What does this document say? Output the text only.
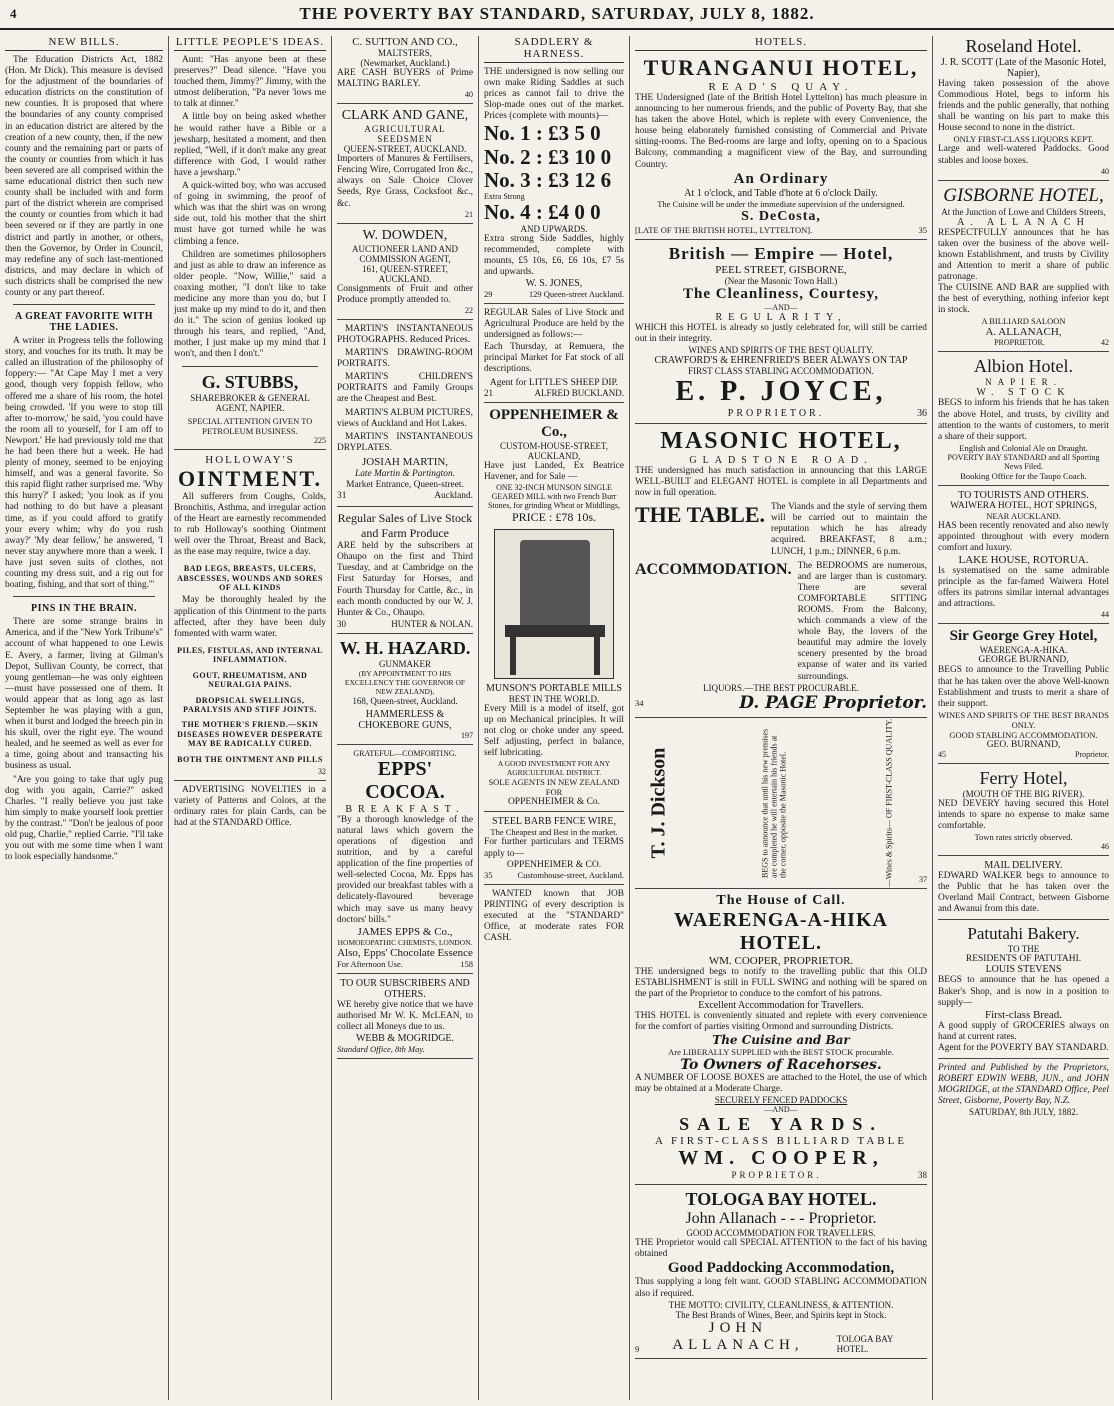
4	THE POVERTY BAY STANDARD, SATURDAY, JULY 8, 1882.
NEW BILLS.

The Education Districts Act, 1882 (Hon. Mr Dick). This measure is devised for the adjustment of the boundaries of education districts on the constitution of new counties. It is proposed that where the boundaries of any county comprised in an education district are altered by the creation of a new county, then, if the new county and the remaining part or parts of the county or counties from which it has been severed are all comprised within the same educational district then such new county shall be included with and form part of the district wherein are comprised the county or counties from which it had been severed or if they are partly in one district and partly in another, or others, then the Governor, by Order in Council, may redefine any of such last-mentioned districts, and may declare in which of such districts shall be comprised the new county or any part thereof.

A GREAT FAVORITE WITH THE LADIES.

A writer in Progress tells the following story, and vouches for its truth. It may be called an illustration of the philosophy of foppery:— "At Cape May I met a very good, though very foppish fellow, who offered me a share of his room, the hotel being crowded. 'If you were to stop till after to-morrow,' he said, 'you could have the room all to yourself, for I am off to Newport.' He had previously told me that he had been there but a week. He had plenty of money, seemed to be enjoying himself, and was a general favorite. So this rapid flight rather surprised me. 'Why this hurry?' I asked; 'you look as if you had nothing to do but have a pleasant time, as if you could afford to gratify your every whim; why do you rush away?' 'My dear fellow,' he answered, 'I never stay anywhere more than a week. I have just seven suits of clothes, not counting my dress suit, and a rig out for boating, fishing, and that sort of thing.'"

PINS IN THE BRAIN.

There are some strange brains in America, and if the "New York Tribune's" account of what happened to one Lewis E. Avery, a farmer, living at Gilman's Depot, Sullivan County, be correct, that young gentleman—he was only eighteen—must have possessed one of them. It would appear that as long ago as last September he was playing with a gun, when it burst and lodged the breech pin in his skull, over the right eye. The wound healed, and he seemed as well as ever for a time, going about and transacting his business as usual.

"Are you going to take that ugly pug dog with you again, Carrie?" asked Charles. "I really believe you just take him simply to make yourself look prettier by the contrast." "Don't be jealous of poor old pug, Charlie," replied Carrie. "I'll take you out with me some time when I want to look especially handsome."

LITTLE PEOPLE'S IDEAS.

Aunt: "Has anyone been at these preserves?" Dead silence. "Have you touched them, Jimmy?" Jimmy, with the utmost deliberation, "Pa never 'lows me to talk at dinner."

A little boy on being asked whether he would rather have a Bible or a jewsharp, hesitated a moment, and then replied, "Well, if it don't make any great difference with God, I would rather have a jewsharp."

A quick-witted boy, who was accused of going in swimming, the proof of which was that the shirt was on wrong side out, told his mother that the shirt must have got turned while he was climbing a fence.

Children are sometimes philosophers and just as able to draw an inference as older people. "Now, Willie," said a coaxing mother, "I don't like to take medicine any more than you do, but I just make up my mind to do it, and then do it." The scion of genius looked up through his tears, and replied, "And, mother, I just make up my mind that I won't, and then I don't."

G. STUBBS,
SHAREBROKER & GENERAL AGENT, NAPIER.
SPECIAL ATTENTION GIVEN TO PETROLEUM BUSINESS.
225
HOLLOWAY'S
OINTMENT.

All sufferers from Coughs, Colds, Bronchitis, Asthma, and irregular action of the Heart are earnestly recommended to rub Holloway's soothing Ointment well over the Throat, Breast and Back, as the ease may require, twice a day.

BAD LEGS, BREASTS, ULCERS, ABSCESSES, WOUNDS AND SORES OF ALL KINDS

May be thoroughly healed by the application of this Ointment to the parts affected, after they have been duly fomented with warm water.

PILES, FISTULAS, AND INTERNAL INFLAMMATION.
GOUT, RHEUMATISM, AND NEURALGIA PAINS.
DROPSICAL SWELLINGS, PARALYSIS AND STIFF JOINTS.
THE MOTHER'S FRIEND.—SKIN DISEASES HOWEVER DESPERATE MAY BE RADICALLY CURED.
BOTH THE OINTMENT AND PILLS
32

ADVERTISING NOVELTIES in a variety of Patterns and Colors, at the ordinary rates for plain Cards, can be had at the STANDARD Office.

C. SUTTON AND CO.,
MALTSTERS,
(Newmarket, Auckland.)
ARE CASH BUYERS of Prime MALTING BARLEY.
40
CLARK AND GANE,
AGRICULTURAL SEEDSMEN
QUEEN-STREET, AUCKLAND.
Importers of Manures & Fertilisers, Fencing Wire, Corrugated Iron &c., always on Sale Choice Clover Seeds, Rye Grass, Cocksfoot &c., &c.
21
W. DOWDEN,
AUCTIONEER LAND AND COMMISSION AGENT,
161, QUEEN-STREET, AUCKLAND.
Consignments of Fruit and other Produce promptly attended to.
22

MARTIN'S INSTANTANEOUS PHOTOGRAPHS. Reduced Prices.

MARTIN'S DRAWING-ROOM PORTRAITS.

MARTIN'S CHILDREN'S PORTRAITS and Family Groups are the Cheapest and Best.

MARTIN'S ALBUM PICTURES, views of Auckland and Hot Lakes.

MARTIN'S INSTANTANEOUS DRYPLATES.

JOSIAH MARTIN,
Late Martin & Partington.
Market Entrance, Queen-street.
31	Auckland.
Regular Sales of Live Stock and Farm Produce
ARE held by the subscribers at Ohaupo on the first and Third Tuesday, and at Cambridge on the First Saturday for Horses, and Fourth Thursday for Cattle, &c., in each month conducted by our W. J. Hunter & Co., Ohaupo.
30	HUNTER & NOLAN.
W. H. HAZARD.
GUNMAKER
(BY APPOINTMENT TO HIS EXCELLENCY THE GOVERNOR OF NEW ZEALAND),
168, Queen-street, Auckland.
HAMMERLESS & CHOKEBORE GUNS,
197
GRATEFUL—COMFORTING.
EPPS' COCOA.
BREAKFAST.
"By a thorough knowledge of the natural laws which govern the operations of digestion and nutrition, and by a careful application of the fine properties of well-selected Cocoa, Mr. Epps has provided our breakfast tables with a delicately-flavoured beverage which may save us many heavy doctors' bills."
JAMES EPPS & Co.,
HOMOEOPATHIC CHEMISTS, LONDON.
Also, Epps' Chocolate Essence
For Afternoon Use.	158
TO OUR SUBSCRIBERS AND OTHERS.
WE hereby give notice that we have authorised Mr W. K. McLEAN, to collect all Moneys due to us.
WEBB & MOGRIDGE.
Standard Office, 8th May.
SADDLERY & HARNESS.
THE undersigned is now selling our own make Riding Saddles at such prices as cannot fail to drive the Slop-made ones out of the market. Prices (complete with mounts)—
No. 1 : £3 5 0
No. 2 : £3 10 0
No. 3 : £3 12 6
Extra Strong
No. 4 : £4 0 0
AND UPWARDS.
Extra strong Side Saddles, highly recommended, complete with mounts, £5 10s, £6, £6 10s, £7 5s and upwards.
W. S. JONES,
29	129 Queen-street Auckland.
REGULAR Sales of Live Stock and Agricultural Produce are held by the undersigned as follows:—
Each Thursday, at Remuera, the principal Market for Fat stock of all descriptions.
Agent for LITTLE'S SHEEP DIP.
21	ALFRED BUCKLAND.
OPPENHEIMER & Co.,
CUSTOM-HOUSE-STREET, AUCKLAND,
Have just Landed, Ex Beatrice Havener, and for Sale —
ONE 32-INCH MUNSON SINGLE GEARED MILL with two French Burr Stones, for grinding Wheat or Middlings,
PRICE : £78 10s.
MUNSON'S PORTABLE MILLS
BEST IN THE WORLD.
Every Mill is a model of itself, got up on Mechanical principles. It will not clog or choke under any speed. Self adjusting, perfect in balance, self lubricating.
A GOOD INVESTMENT FOR ANY AGRICULTURAL DISTRICT.
SOLE AGENTS IN NEW ZEALAND FOR
OPPENHEIMER & Co.
STEEL BARB FENCE WIRE,
The Cheapest and Best in the market.
For further particulars and TERMS apply to—
OPPENHEIMER & CO.
35	Customhouse-street, Auckland.

WANTED known that JOB PRINTING of every description is executed at the "STANDARD" Office, at moderate rates FOR CASH.

HOTELS.
TURANGANUI HOTEL,
READ'S QUAY.
THE Undersigned (late of the British Hotel Lyttelton) has much pleasure in announcing to her numerous friends, and the public of Poverty Bay, that she has taken the above Hotel, which is replete with every Convenience, the house being elaborately furnished consisting of Commercial and Private sitting-rooms. The Bed-rooms are large and lofty, opening on to a Spacious Balcony, commanding a magnificent view of the Bay, and surrounding Country.
An Ordinary
At 1 o'clock, and Table d'hote at 6 o'clock Daily.
The Cuisine will be under the immediate supervision of the undersigned.
S. DeCosta,
[LATE OF THE BRITISH HOTEL, LYTTELTON].	35
British — Empire — Hotel,
PEEL STREET, GISBORNE,
(Near the Masonic Town Hall.)
The Cleanliness, Courtesy,
—AND—
REGULARITY,
WHICH this HOTEL is already so justly celebrated for, will still be carried out in their integrity.
WINES AND SPIRITS OF THE BEST QUALITY.
CRAWFORD'S & EHRENFRIED'S BEER ALWAYS ON TAP
FIRST CLASS STABLING ACCOMMODATION.
E. P. JOYCE,
PROPRIETOR.	36
MASONIC HOTEL,
GLADSTONE ROAD.
THE undersigned has much satisfaction in announcing that this LARGE WELL-BUILT and ELEGANT HOTEL is complete in all Departments and now in full operation.
THE TABLE. The Viands and the style of serving them will be carried out to maintain the reputation which he has already acquired. BREAKFAST, 8 a.m.; LUNCH, 1 p.m.; DINNER, 6 p.m.
ACCOMMODATION. The BEDROOMS are numerous, and are larger than is customary. There are several COMFORTABLE SITTING ROOMS. From the Balcony, which commands a view of the whole Bay, the lovers of the beautiful may admire the lovely scenery presented by the broad expanse of water and its varied surroundings.
LIQUORS.—THE BEST PROCURABLE.
34	D. PAGE Proprietor.
T. J. Dickson	BEGS to announce that until his new premises are completed he will entertain his friends at the corner, opposite the Masonic Hotel.	—Wines & Spirits— OF FIRST-CLASS QUALITY.	37
The House of Call.
WAERENGA-A-HIKA HOTEL.
WM. COOPER, PROPRIETOR.
THE undersigned begs to notify to the travelling public that this OLD ESTABLISHMENT is still in FULL SWING and nothing will be spared on the part of the Proprietor to conduce to the comfort of his patrons.
Excellent Accommodation for Travellers.
THIS HOTEL is conveniently situated and replete with every convenience for the comfort of parties visiting Ormond and surrounding Districts.
The Cuisine and Bar
Are LIBERALLY SUPPLIED with the BEST STOCK procurable.
To Owners of Racehorses.
A NUMBER OF LOOSE BOXES are attached to the Hotel, the use of which may be obtained at a Moderate Charge.
SECURELY FENCED PADDOCKS
—AND—
SALE YARDS.
A FIRST-CLASS BILLIARD TABLE
WM. COOPER,
PROPRIETOR.	38
TOLOGA BAY HOTEL.
John Allanach - - - Proprietor.
GOOD ACCOMMODATION FOR TRAVELLERS.
THE Proprietor would call SPECIAL ATTENTION to the fact of his having obtained
Good Paddocking Accommodation,
Thus supplying a long felt want. GOOD STABLING ACCOMMODATION also if required.
THE MOTTO: CIVILITY, CLEANLINESS, & ATTENTION.
The Best Brands of Wines, Beer, and Spirits kept in Stock.
9
JOHN ALLANACH,	TOLOGA BAY HOTEL.
Roseland Hotel.
J. R. SCOTT (Late of the Masonic Hotel, Napier),
Having taken possession of the above Commodious Hotel, begs to inform his friends and the public generally, that nothing shall be wanting on his part to make this House second to none in the district.
ONLY FIRST-CLASS LIQUORS KEPT.
Large and well-watered Paddocks. Good stables and loose boxes.
40
GISBORNE HOTEL,
At the Junction of Lowe and Childers Streets,
A. ALLANACH
RESPECTFULLY announces that he has taken over the business of the above well-known Establishment, and trusts by Civility and Attention to merit a share of public patronage.
The CUISINE AND BAR are supplied with the best of everything, nothing inferior kept in stock.
A BILLIARD SALOON
A. ALLANACH,
PROPRIETOR.	42
Albion Hotel.
NAPIER.
W. STOCK
BEGS to inform his friends that he has taken the above Hotel, and trusts, by civility and attention to the wants of customers, to merit a share of their support.
English and Colonial Ale on Draught.
POVERTY BAY STANDARD and all Sporting News Filed.
Booking Office for the Taupo Coach.
TO TOURISTS AND OTHERS.
WAIWERA HOTEL, HOT SPRINGS,
NEAR AUCKLAND.
HAS been recently renovated and also newly appointed throughout with every modern comfort and luxury.
LAKE HOUSE, ROTORUA.
Is systematised on the same admirable principle as the far-famed Waiwera Hotel offers its patrons similar internal advantages and attractions.
44
Sir George Grey Hotel,
WAERENGA-A-HIKA.
GEORGE BURNAND,
BEGS to announce to the Travelling Public that he has taken over the above Well-known Establishment and trusts to merit a share of their support.
WINES AND SPIRITS OF THE BEST BRANDS ONLY.
GOOD STABLING ACCOMMODATION.
GEO. BURNAND,
45	Proprietor.
Ferry Hotel,
(MOUTH OF THE BIG RIVER).
NED DEVERY having secured this Hotel intends to spare no expense to make same comfortable.
Town rates strictly observed.
46
MAIL DELIVERY.
EDWARD WALKER begs to announce to the Public that he has taken over the Overland Mail Contract, between Gisborne and Awanui from this date.
Patutahi Bakery.
TO THE
RESIDENTS OF PATUTAHI.
LOUIS STEVENS
BEGS to announce that he has opened a Baker's Shop, and is now in a position to supply—
First-class Bread.
A good supply of GROCERIES always on hand at current rates.
Agent for the POVERTY BAY STANDARD.
Printed and Published by the Proprietors, ROBERT EDWIN WEBB, JUN., and JOHN MOGRIDGE, at the STANDARD Office, Peel Street, Gisborne, Poverty Bay, N.Z.
SATURDAY, 8th JULY, 1882.
